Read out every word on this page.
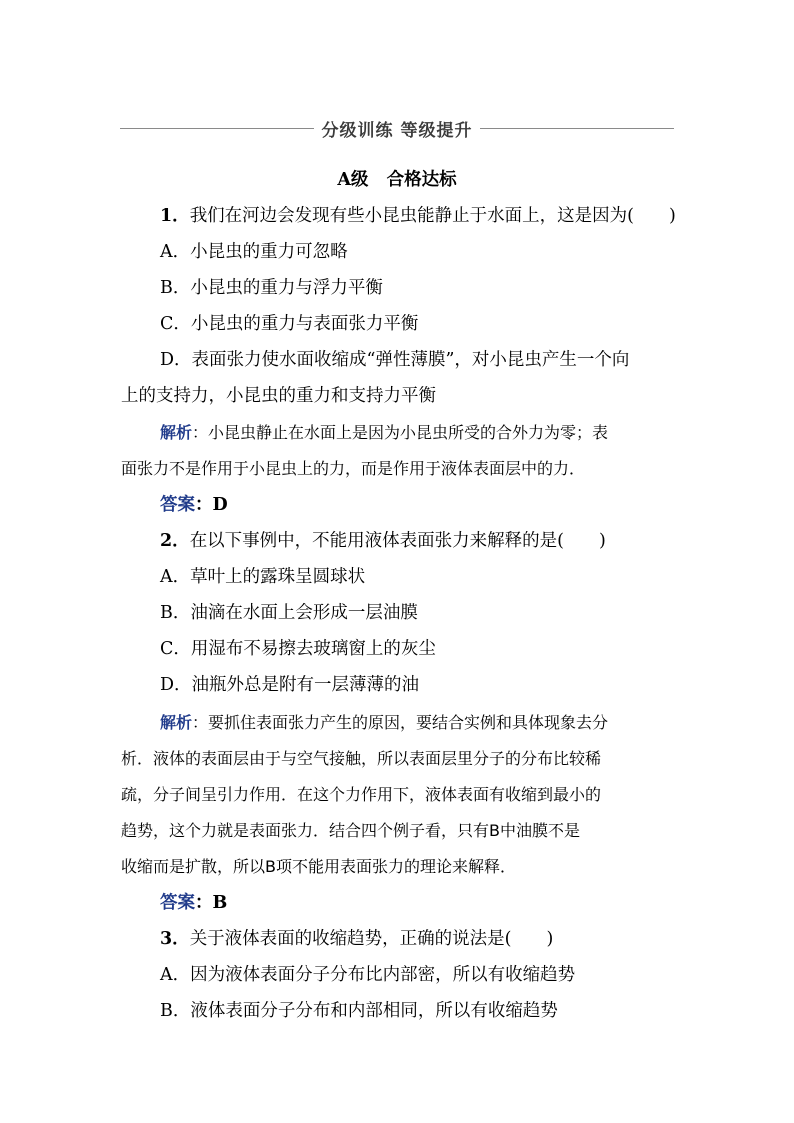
分级训练 等级提升
A级   合格达标
1．我们在河边会发现有些小昆虫能静止于水面上，这是因为(　　)
A．小昆虫的重力可忽略
B．小昆虫的重力与浮力平衡
C．小昆虫的重力与表面张力平衡
D．表面张力使水面收缩成“弹性薄膜”，对小昆虫产生一个向
上的支持力，小昆虫的重力和支持力平衡
解析：小昆虫静止在水面上是因为小昆虫所受的合外力为零；表
面张力不是作用于小昆虫上的力，而是作用于液体表面层中的力．
答案：D
2．在以下事例中，不能用液体表面张力来解释的是(　　)
A．草叶上的露珠呈圆球状
B．油滴在水面上会形成一层油膜
C．用湿布不易擦去玻璃窗上的灰尘
D．油瓶外总是附有一层薄薄的油
解析：要抓住表面张力产生的原因，要结合实例和具体现象去分
析．液体的表面层由于与空气接触，所以表面层里分子的分布比较稀
疏，分子间呈引力作用．在这个力作用下，液体表面有收缩到最小的
趋势，这个力就是表面张力．结合四个例子看，只有B中油膜不是
收缩而是扩散，所以B项不能用表面张力的理论来解释．
答案：B
3．关于液体表面的收缩趋势，正确的说法是(　　)
A．因为液体表面分子分布比内部密，所以有收缩趋势
B．液体表面分子分布和内部相同，所以有收缩趋势
